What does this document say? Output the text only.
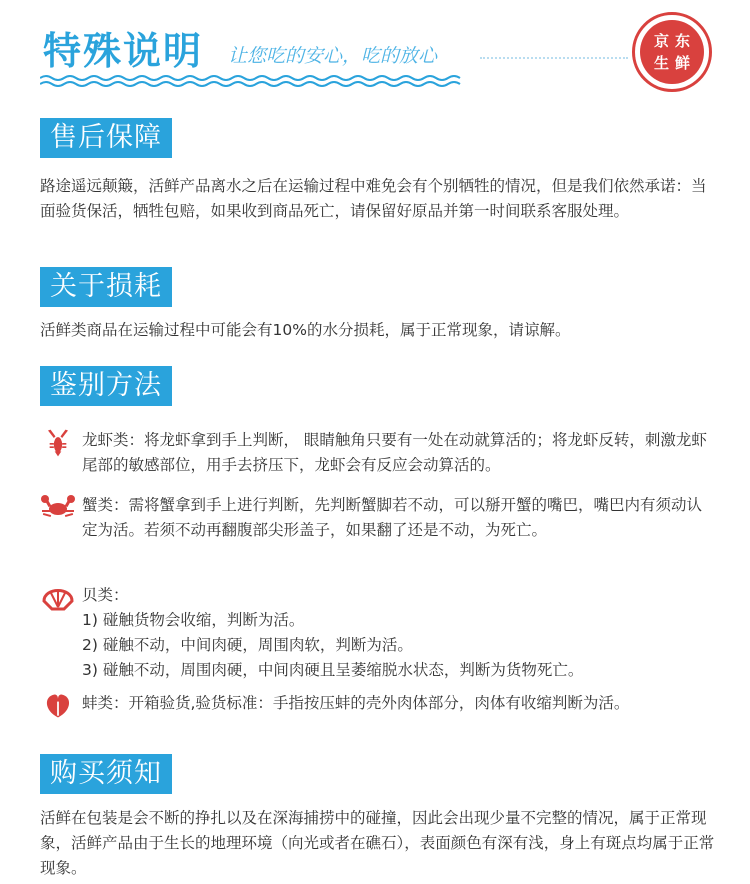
特殊说明 让您吃的安心，吃的放心
京东
生鲜
售后保障
路途遥远颠簸，活鲜产品离水之后在运输过程中难免会有个别牺牲的情况，但是我们依然承诺：当面验货保活，牺牲包赔，如果收到商品死亡，请保留好原品并第一时间联系客服处理。
关于损耗
活鲜类商品在运输过程中可能会有10%的水分损耗，属于正常现象，请谅解。
鉴别方法
龙虾类：将龙虾拿到手上判断， 眼睛触角只要有一处在动就算活的；将龙虾反转，刺激龙虾尾部的敏感部位，用手去挤压下，龙虾会有反应会动算活的。
蟹类：需将蟹拿到手上进行判断，先判断蟹脚若不动，可以掰开蟹的嘴巴，嘴巴内有须动认定为活。若须不动再翻腹部尖形盖子，如果翻了还是不动，为死亡。
贝类：
1) 碰触货物会收缩，判断为活。
2) 碰触不动，中间肉硬，周围肉软，判断为活。
3) 碰触不动，周围肉硬，中间肉硬且呈萎缩脱水状态，判断为货物死亡。
蚌类：开箱验货,验货标准：手指按压蚌的壳外肉体部分，肉体有收缩判断为活。
购买须知
活鲜在包装是会不断的挣扎以及在深海捕捞中的碰撞，因此会出现少量不完整的情况，属于正常现象，活鲜产品由于生长的地理环境（向光或者在礁石），表面颜色有深有浅，身上有斑点均属于正常现象。
